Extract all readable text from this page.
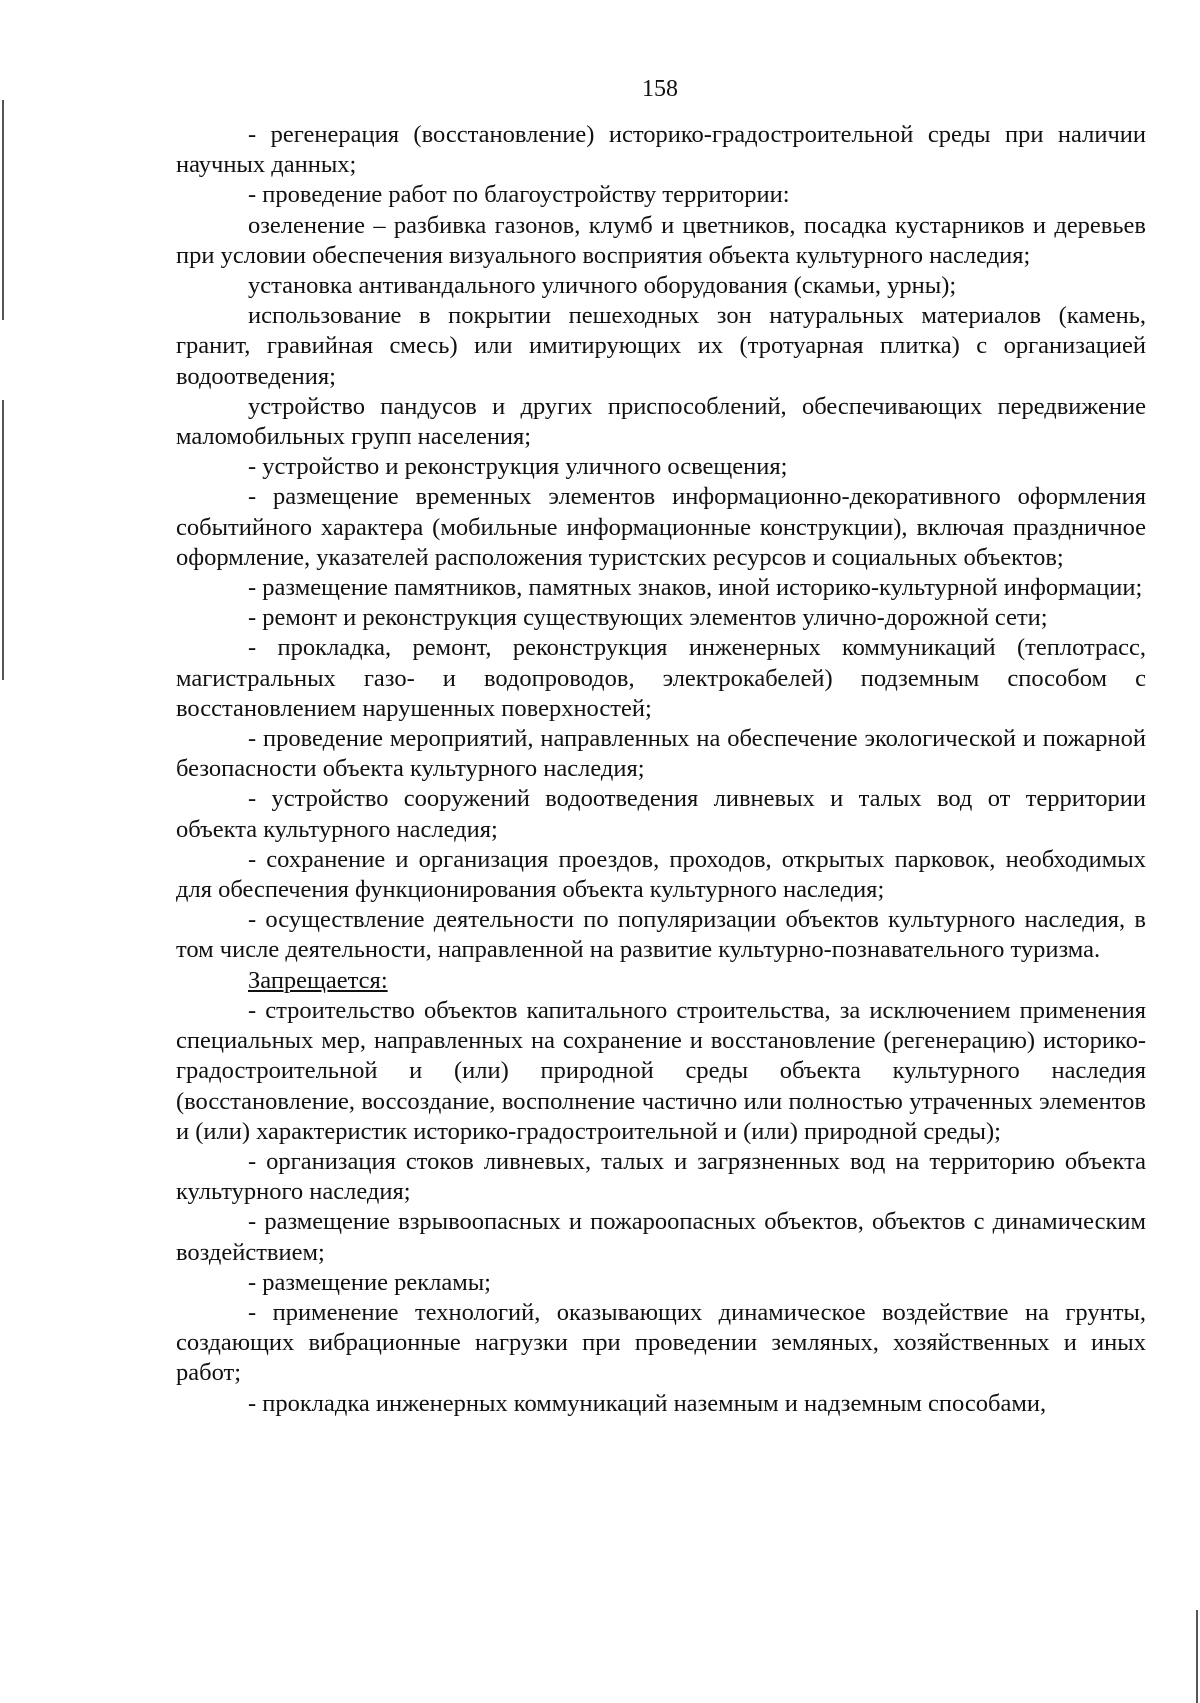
158

- регенерация (восстановление) историко-градостроительной среды при наличии научных данных;

- проведение работ по благоустройству территории:

озеленение – разбивка газонов, клумб и цветников, посадка кустарников и деревьев при условии обеспечения визуального восприятия объекта культурного наследия;

установка антивандального уличного оборудования (скамьи, урны);

использование в покрытии пешеходных зон натуральных материалов (камень, гранит, гравийная смесь) или имитирующих их (тротуарная плитка) с организацией водоотведения;

устройство пандусов и других приспособлений, обеспечивающих передвижение маломобильных групп населения;

- устройство и реконструкция уличного освещения;

- размещение временных элементов информационно-декоративного оформления событийного характера (мобильные информационные конструкции), включая праздничное оформление, указателей расположения туристских ресурсов и социальных объектов;

- размещение памятников, памятных знаков, иной историко-культурной информации;

- ремонт и реконструкция существующих элементов улично-дорожной сети;

- прокладка, ремонт, реконструкция инженерных коммуникаций (теплотрасс, магистральных газо- и водопроводов, электрокабелей) подземным способом с восстановлением нарушенных поверхностей;

- проведение мероприятий, направленных на обеспечение экологической и пожарной безопасности объекта культурного наследия;

- устройство сооружений водоотведения ливневых и талых вод от территории объекта культурного наследия;

- сохранение и организация проездов, проходов, открытых парковок, необходимых для обеспечения функционирования объекта культурного наследия;

- осуществление деятельности по популяризации объектов культурного наследия, в том числе деятельности, направленной на развитие культурно-познавательного туризма.

Запрещается:

- строительство объектов капитального строительства, за исключением применения специальных мер, направленных на сохранение и восстановление (регенерацию) историко-градостроительной и (или) природной среды объекта культурного наследия (восстановление, воссоздание, восполнение частично или полностью утраченных элементов и (или) характеристик историко-градостроительной и (или) природной среды);

- организация стоков ливневых, талых и загрязненных вод на территорию объекта культурного наследия;

- размещение взрывоопасных и пожароопасных объектов, объектов с динамическим воздействием;

- размещение рекламы;

- применение технологий, оказывающих динамическое воздействие на грунты, создающих вибрационные нагрузки при проведении земляных, хозяйственных и иных работ;

- прокладка инженерных коммуникаций наземным и надземным способами,
